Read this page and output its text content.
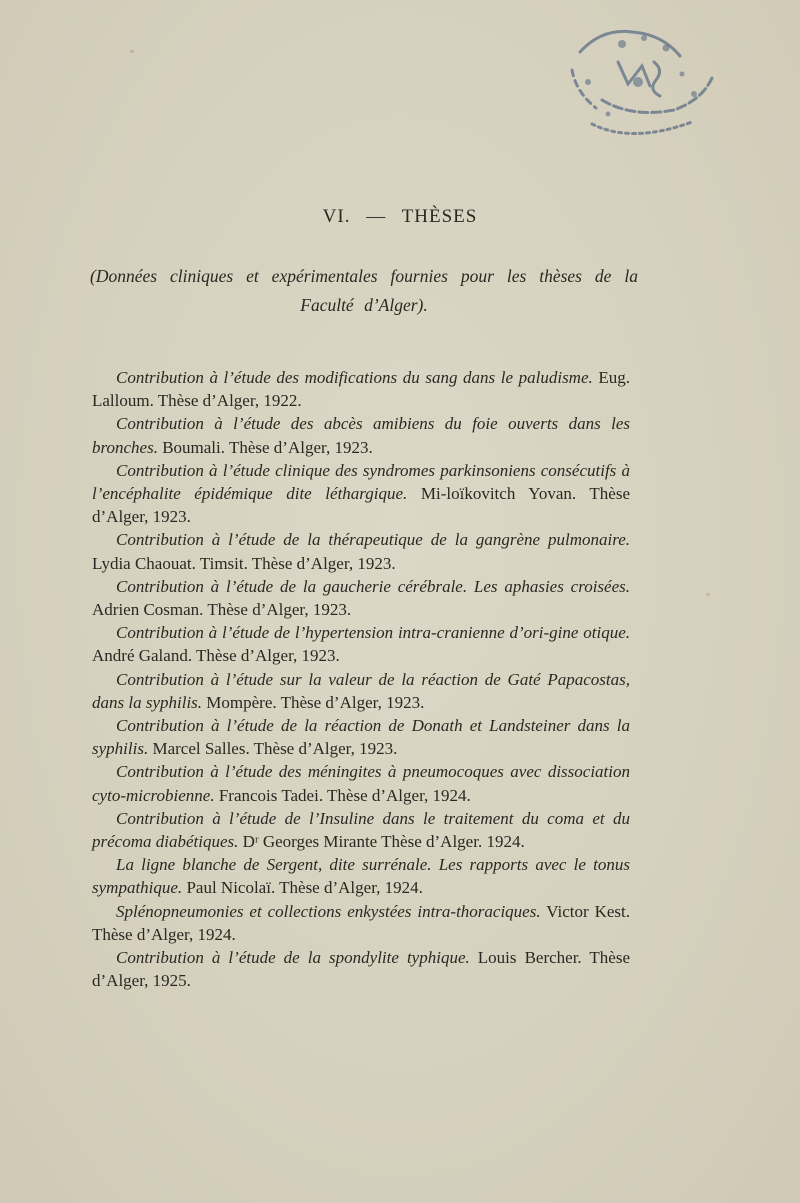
VI. — THÈSES
(Données cliniques et expérimentales fournies pour les thèses de la Faculté d’Alger).

Contribution à l’étude des modifications du sang dans le paludisme. Eug. Lalloum. Thèse d’Alger, 1922.

Contribution à l’étude des abcès amibiens du foie ouverts dans les bronches. Boumali. Thèse d’Alger, 1923.

Contribution à l’étude clinique des syndromes parkinsoniens consécutifs à l’encéphalite épidémique dite léthargique. Mi-loïkovitch Yovan. Thèse d’Alger, 1923.

Contribution à l’étude de la thérapeutique de la gangrène pulmonaire. Lydia Chaouat. Timsit. Thèse d’Alger, 1923.

Contribution à l’étude de la gaucherie cérébrale. Les aphasies croisées. Adrien Cosman. Thèse d’Alger, 1923.

Contribution à l’étude de l’hypertension intra-cranienne d’ori-gine otique. André Galand. Thèse d’Alger, 1923.

Contribution à l’étude sur la valeur de la réaction de Gaté Papacostas, dans la syphilis. Mompère. Thèse d’Alger, 1923.

Contribution à l’étude de la réaction de Donath et Landsteiner dans la syphilis. Marcel Salles. Thèse d’Alger, 1923.

Contribution à l’étude des méningites à pneumocoques avec dissociation cyto-microbienne. Francois Tadei. Thèse d’Alger, 1924.

Contribution à l’étude de l’Insuline dans le traitement du coma et du précoma diabétiques. Dʳ Georges Mirante Thèse d’Alger. 1924.

La ligne blanche de Sergent, dite surrénale. Les rapports avec le tonus sympathique. Paul Nicolaï. Thèse d’Alger, 1924.

Splénopneumonies et collections enkystées intra-thoraciques. Victor Kest. Thèse d’Alger, 1924.

Contribution à l’étude de la spondylite typhique. Louis Bercher. Thèse d’Alger, 1925.
